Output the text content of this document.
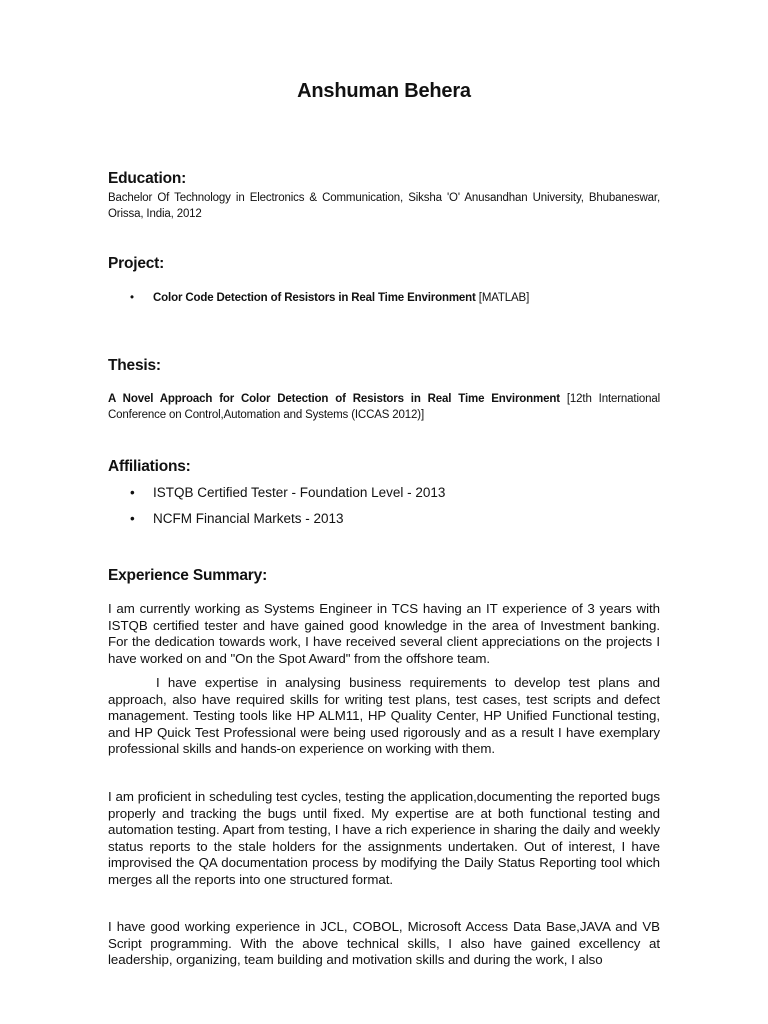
Anshuman Behera
Education:
Bachelor Of Technology in Electronics & Communication, Siksha 'O' Anusandhan University, Bhubaneswar, Orissa, India, 2012
Project:
• Color Code Detection of Resistors in Real Time Environment [MATLAB]
Thesis:
A Novel Approach for Color Detection of Resistors in Real Time Environment [12th International Conference on Control,Automation and Systems (ICCAS 2012)]
Affiliations:
• ISTQB Certified Tester - Foundation Level - 2013
• NCFM Financial Markets - 2013
Experience Summary:
I am currently working as Systems Engineer in TCS having an IT experience of 3 years with ISTQB certified tester and have gained good knowledge in the area of Investment banking. For the dedication towards work, I have received several client appreciations on the projects I have worked on and "On the Spot Award" from the offshore team.
I have expertise in analysing business requirements to develop test plans and approach, also have required skills for writing test plans, test cases, test scripts and defect management. Testing tools like HP ALM11, HP Quality Center, HP Unified Functional testing, and HP Quick Test Professional were being used rigorously and as a result I have exemplary professional skills and hands-on experience on working with them.
I am proficient in scheduling test cycles, testing the application,documenting the reported bugs properly and tracking the bugs until fixed. My expertise are at both functional testing and automation testing. Apart from testing, I have a rich experience in sharing the daily and weekly status reports to the stale holders for the assignments undertaken. Out of interest, I have improvised the QA documentation process by modifying the Daily Status Reporting tool which merges all the reports into one structured format.
I have good working experience in JCL, COBOL, Microsoft Access Data Base,JAVA and VB Script programming. With the above technical skills, I also have gained excellency at leadership, organizing, team building and motivation skills and during the work, I also
